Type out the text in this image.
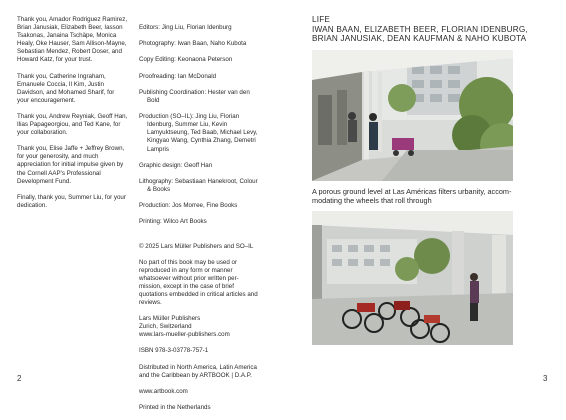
Thank you, Amador Rodriguez Ramirez, Brian Janusiak, Elizabeth Beer, Iasson Tsakonas, Janaina Tschäpe, Monica Healy, Oke Hauser, Sam Allison-Mayne, Sebastian Mendez, Robert Doser, and Howard Katz, for your trust.

Thank you, Catherine Ingraham, Emanuele Coccia, Il Kim, Justin Davidson, and Mohamed Sharif, for your encouragement.

Thank you, Andrew Reyniak, Geoff Han, Ilias Papageorgiou, and Ted Kane, for your collaboration.

Thank you, Elise Jaffe + Jeffrey Brown, for your generosity, and much appreciation for initial impulse given by the Cornell AAP's Professional Development Fund.

Finally, thank you, Summer Liu, for your dedication.

Editors: Jing Liu, Florian Idenburg

Photography: Iwan Baan, Naho Kubota

Copy Editing: Keonaona Peterson

Proofreading: Ian McDonald

Publishing Coordination: Hester van den Bold

Production (SO–IL): Jing Liu, Florian Idenburg, Summer Liu, Kevin Lamyuktseung, Ted Baab, Michael Levy, Kingyao Wang, Cynthia Zhang, Demetri Lampris

Graphic design: Geoff Han

Lithography: Sebastiaan Hanekroot, Colour & Books

Production: Jos Morree, Fine Books

Printing: Wilco Art Books

© 2025 Lars Müller Publishers and SO–IL

No part of this book may be used or reproduced in any form or manner whatsoever without prior written per-mission, except in the case of brief quotations embedded in critical articles and reviews.

Lars Müller Publishers
Zurich, Switzerland
www.lars-mueller-publishers.com

ISBN 978-3-03778-757-1

Distributed in North America, Latin America and the Caribbean by ARTBOOK | D.A.P.

www.artbook.com

Printed in the Netherlands

2

LIFE
IWAN BAAN, ELIZABETH BEER, FLORIAN IDENBURG,
BRIAN JANUSIAK, DEAN KAUFMAN & NAHO KUBOTA

A porous ground level at Las Américas filters urbanity, accom-modating the wheels that roll through

3
